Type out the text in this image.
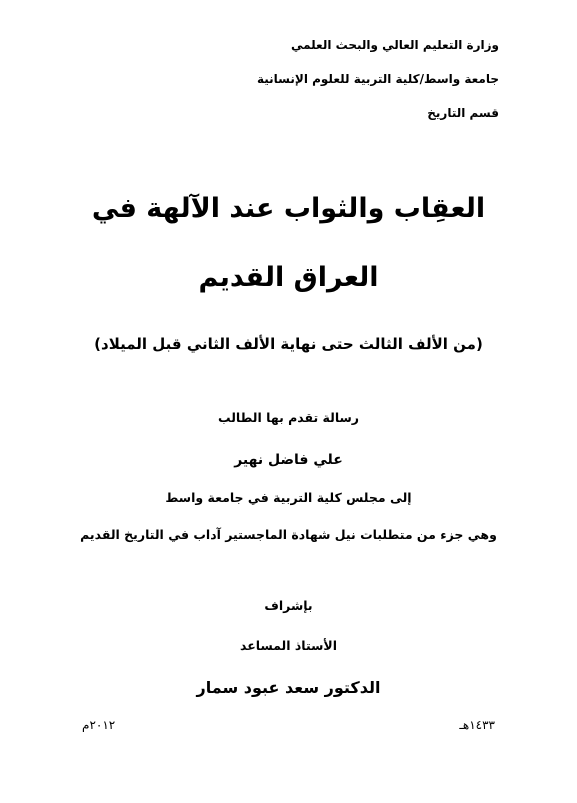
وزارة التعليم العالي والبحث العلمي
جامعة واسط/كلية التربية للعلوم الإنسانية
قسم التاريخ
العقِاب والثواب عند الآلهة في
العراق القديم
(من الألف الثالث حتى نهاية الألف الثاني قبل الميلاد)
رسالة تقدم بها الطالب
علي فاضل نهير
إلى مجلس كلية التربية في جامعة واسط
وهي جزء من متطلبات نيل شهادة الماجستير آداب في التاريخ القديم
بإشراف
الأستاذ المساعد
الدكتور سعد عبود سمار
١٤٣٣هـ
٢٠١٢م
